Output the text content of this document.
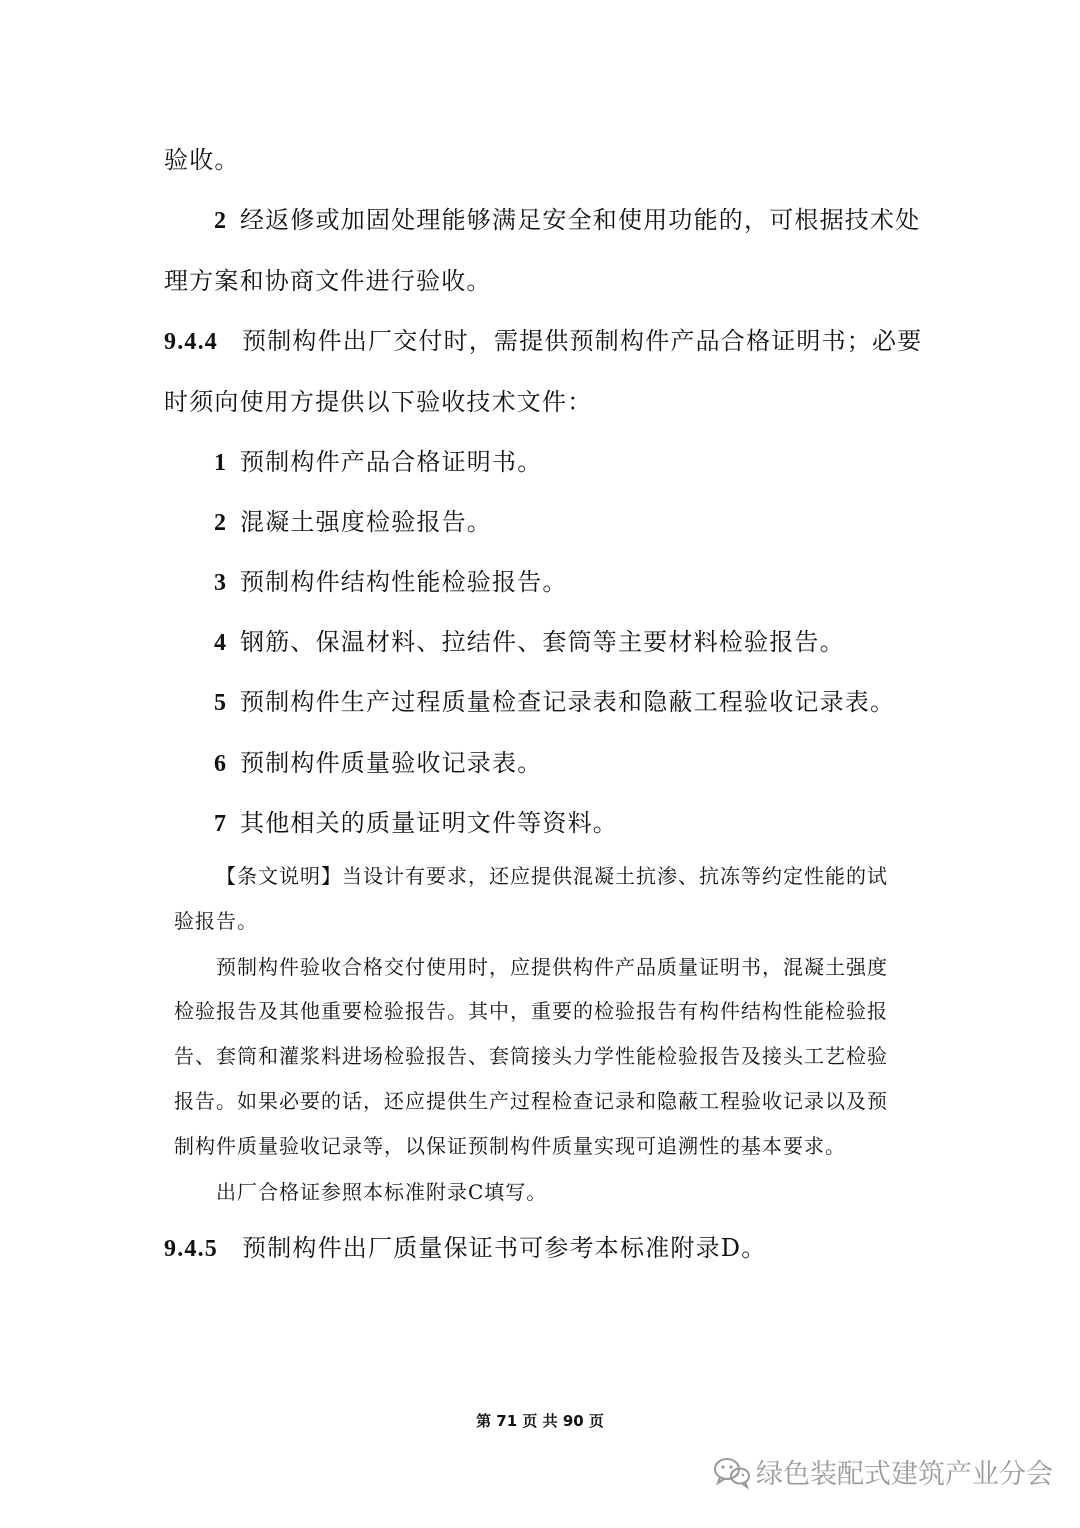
验收。
2 经返修或加固处理能够满足安全和使用功能的，可根据技术处
理方案和协商文件进行验收。
9.4.4 预制构件出厂交付时，需提供预制构件产品合格证明书；必要
时须向使用方提供以下验收技术文件：
1 预制构件产品合格证明书。
2 混凝土强度检验报告。
3 预制构件结构性能检验报告。
4 钢筋、保温材料、拉结件、套筒等主要材料检验报告。
5 预制构件生产过程质量检查记录表和隐蔽工程验收记录表。
6 预制构件质量验收记录表。
7 其他相关的质量证明文件等资料。
【条文说明】当设计有要求，还应提供混凝土抗渗、抗冻等约定性能的试
验报告。
预制构件验收合格交付使用时，应提供构件产品质量证明书，混凝土强度
检验报告及其他重要检验报告。其中，重要的检验报告有构件结构性能检验报
告、套筒和灌浆料进场检验报告、套筒接头力学性能检验报告及接头工艺检验
报告。如果必要的话，还应提供生产过程检查记录和隐蔽工程验收记录以及预
制构件质量验收记录等，以保证预制构件质量实现可追溯性的基本要求。
出厂合格证参照本标准附录C填写。
9.4.5 预制构件出厂质量保证书可参考本标准附录D。
第 71 页 共 90 页
绿色装配式建筑产业分会
